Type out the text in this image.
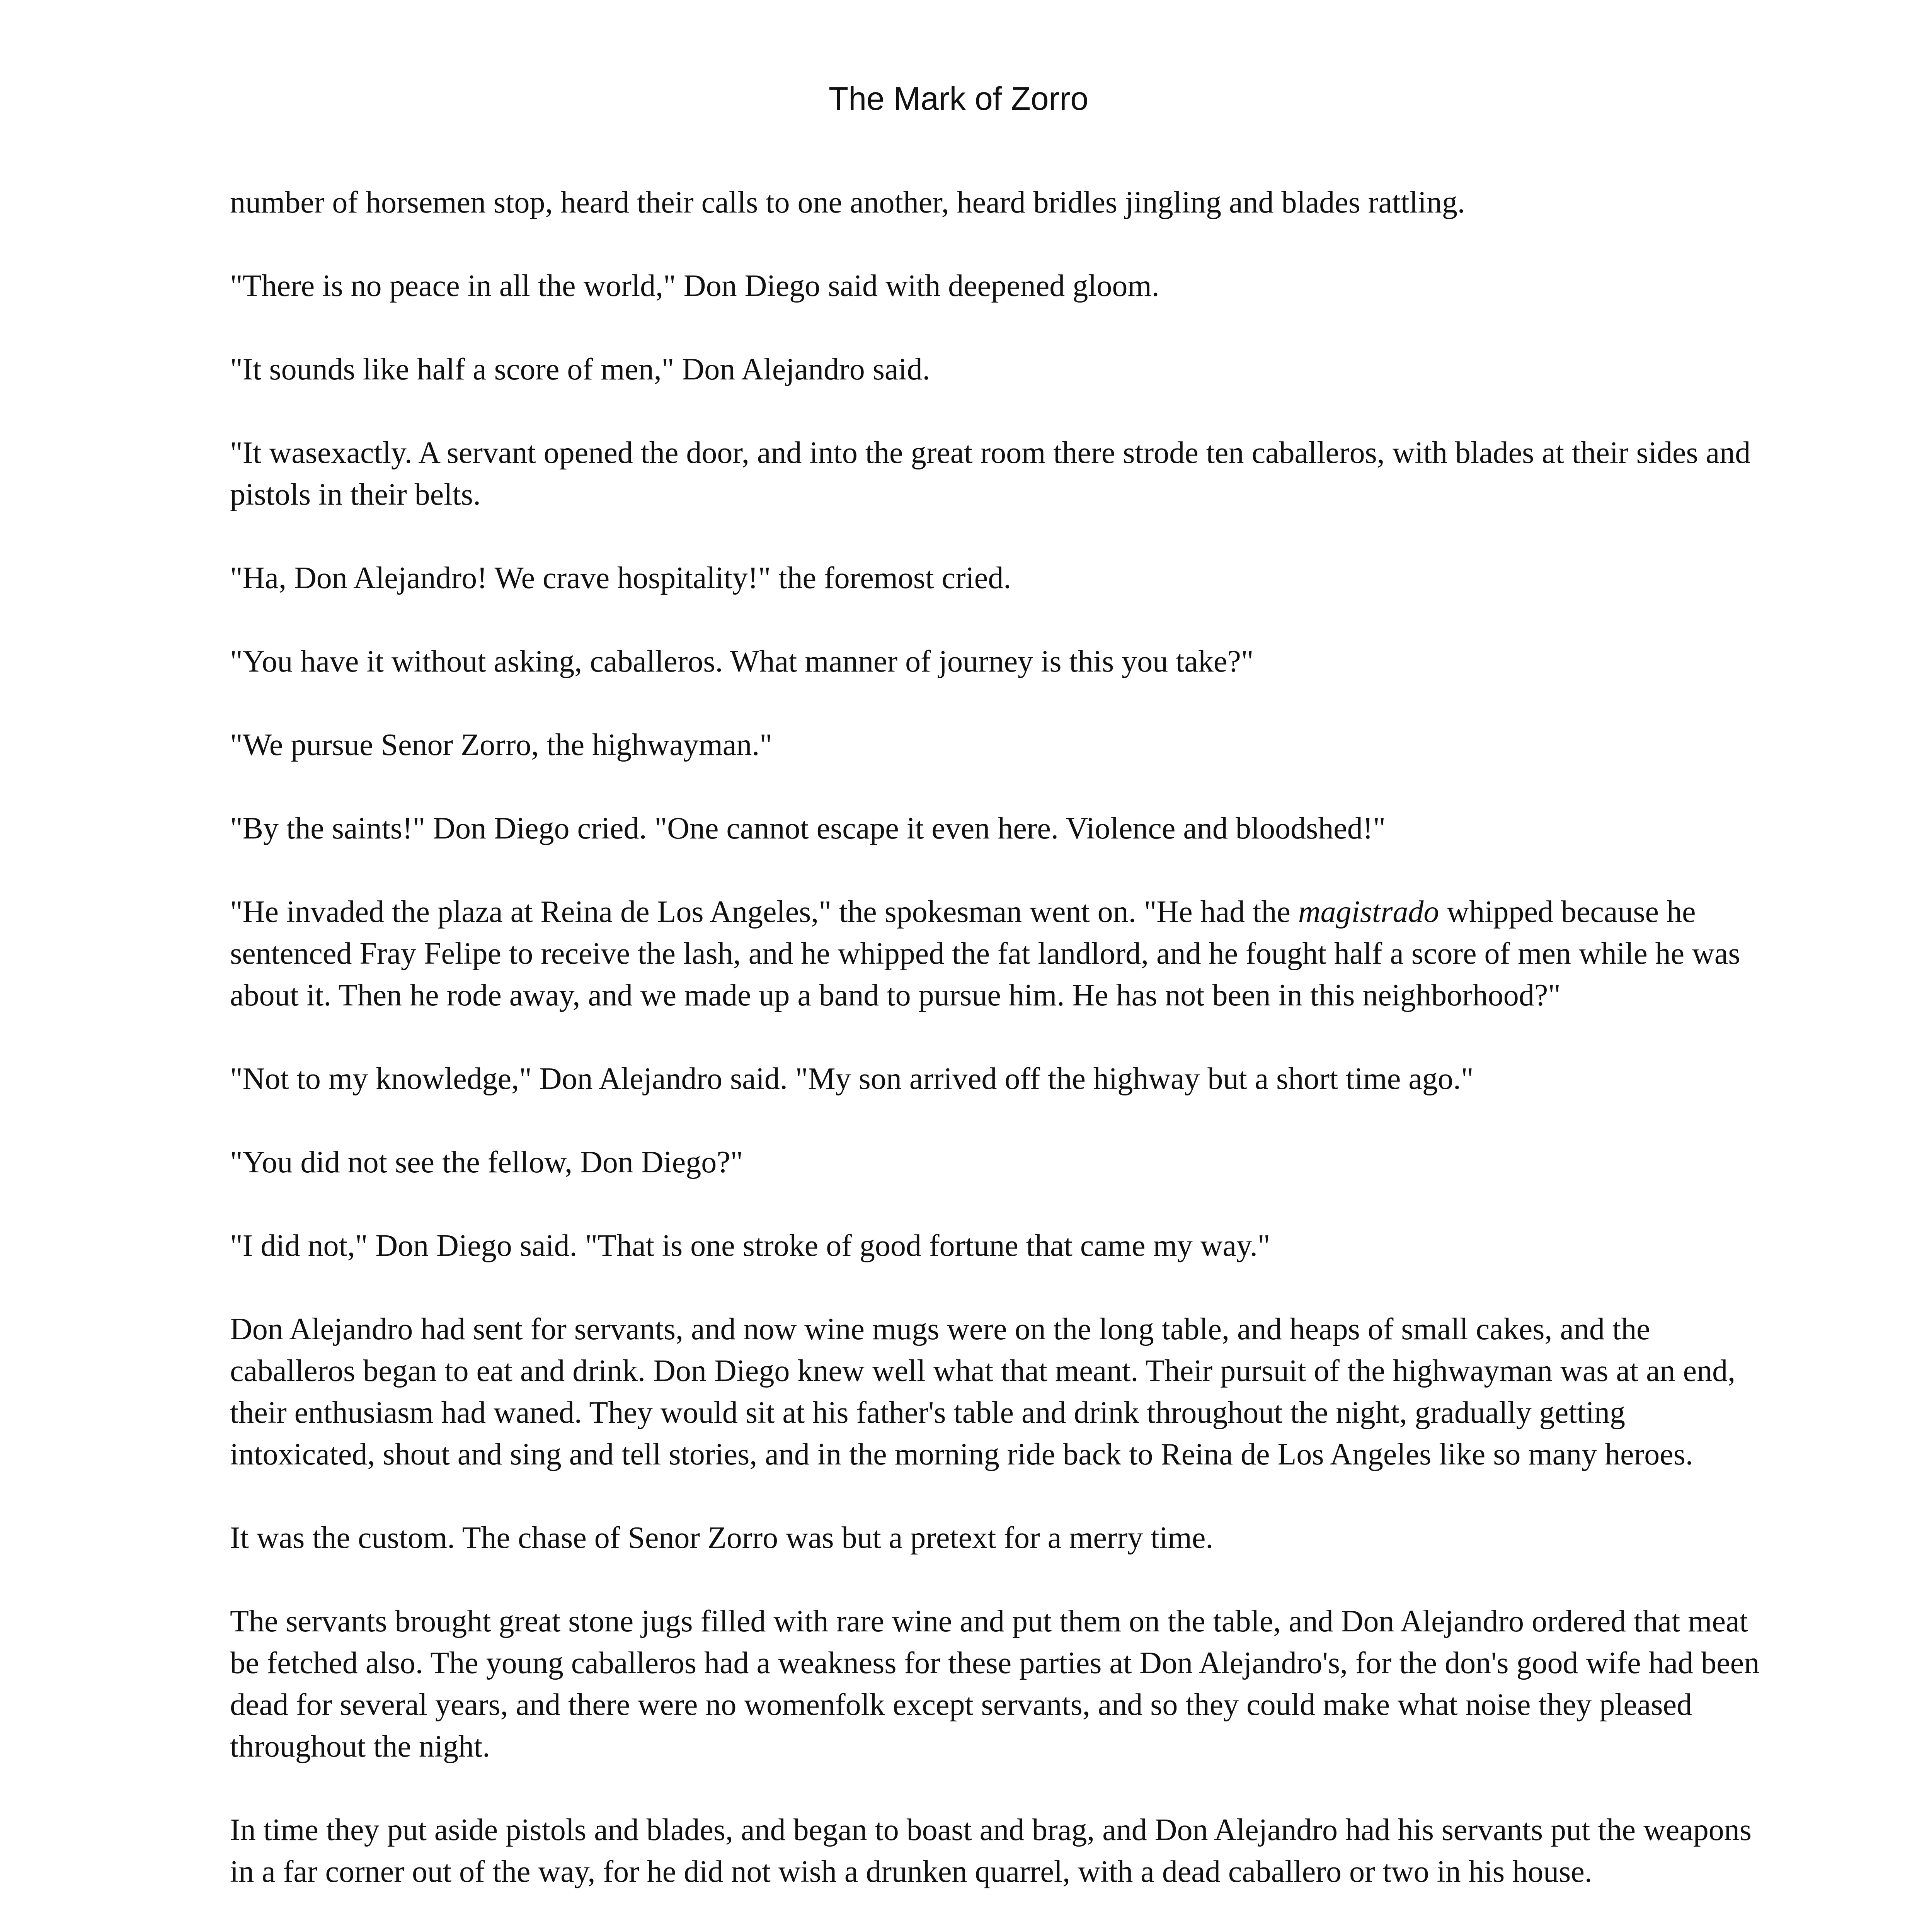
The Mark of Zorro

number of horsemen stop, heard their calls to one another, heard bridles jingling and blades rattling.

"There is no peace in all the world," Don Diego said with deepened gloom.

"It sounds like half a score of men," Don Alejandro said.

"It wasexactly. A servant opened the door, and into the great room there strode ten caballeros, with blades at their sides and pistols in their belts.

"Ha, Don Alejandro! We crave hospitality!" the foremost cried.

"You have it without asking, caballeros. What manner of journey is this you take?"

"We pursue Senor Zorro, the highwayman."

"By the saints!" Don Diego cried. "One cannot escape it even here. Violence and bloodshed!"

"He invaded the plaza at Reina de Los Angeles," the spokesman went on. "He had the magistrado whipped because he sentenced Fray Felipe to receive the lash, and he whipped the fat landlord, and he fought half a score of men while he was about it. Then he rode away, and we made up a band to pursue him. He has not been in this neighborhood?"

"Not to my knowledge," Don Alejandro said. "My son arrived off the highway but a short time ago."

"You did not see the fellow, Don Diego?"

"I did not," Don Diego said. "That is one stroke of good fortune that came my way."

Don Alejandro had sent for servants, and now wine mugs were on the long table, and heaps of small cakes, and the caballeros began to eat and drink. Don Diego knew well what that meant. Their pursuit of the highwayman was at an end, their enthusiasm had waned. They would sit at his father's table and drink throughout the night, gradually getting intoxicated, shout and sing and tell stories, and in the morning ride back to Reina de Los Angeles like so many heroes.

It was the custom. The chase of Senor Zorro was but a pretext for a merry time.

The servants brought great stone jugs filled with rare wine and put them on the table, and Don Alejandro ordered that meat be fetched also. The young caballeros had a weakness for these parties at Don Alejandro's, for the don's good wife had been dead for several years, and there were no womenfolk except servants, and so they could make what noise they pleased throughout the night.

In time they put aside pistols and blades, and began to boast and brag, and Don Alejandro had his servants put the weapons in a far corner out of the way, for he did not wish a drunken quarrel, with a dead caballero or two in his house.
